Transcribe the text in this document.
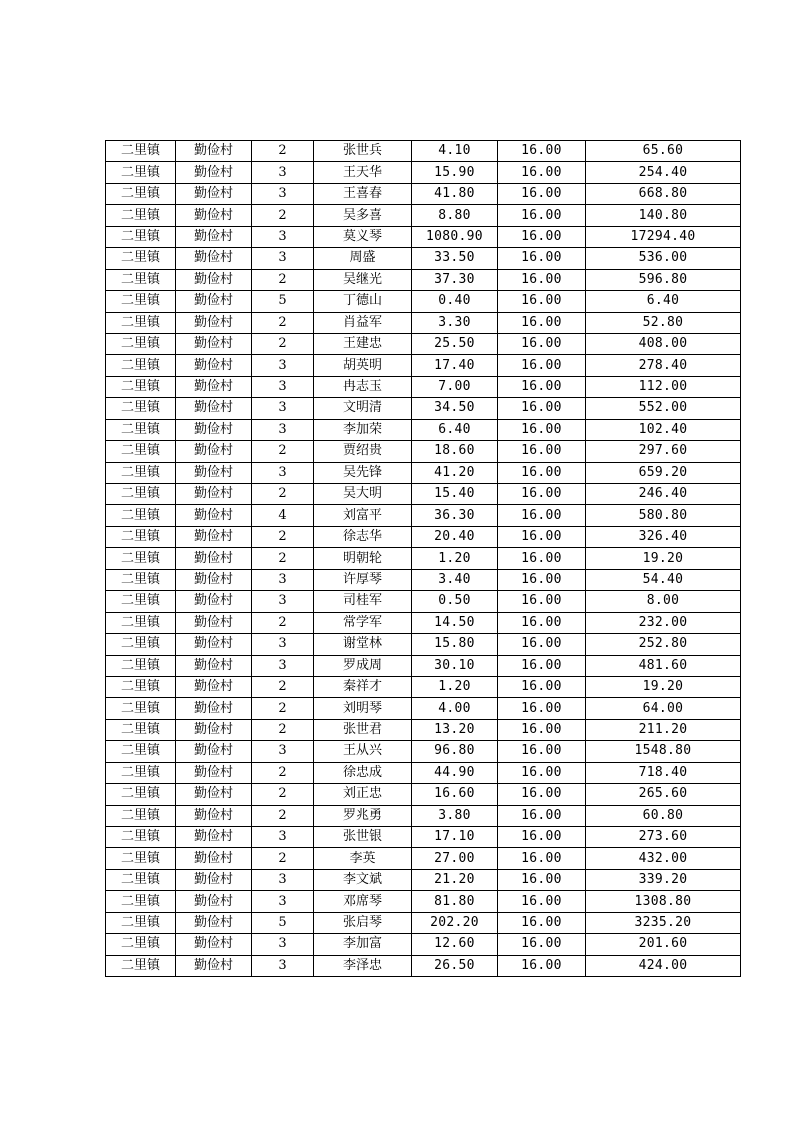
二里镇	勤俭村	2	张世兵	4.10	16.00	65.60
二里镇	勤俭村	3	王天华	15.90	16.00	254.40
二里镇	勤俭村	3	王喜春	41.80	16.00	668.80
二里镇	勤俭村	2	吴多喜	8.80	16.00	140.80
二里镇	勤俭村	3	莫义琴	1080.90	16.00	17294.40
二里镇	勤俭村	3	周盛	33.50	16.00	536.00
二里镇	勤俭村	2	吴继光	37.30	16.00	596.80
二里镇	勤俭村	5	丁德山	0.40	16.00	6.40
二里镇	勤俭村	2	肖益军	3.30	16.00	52.80
二里镇	勤俭村	2	王建忠	25.50	16.00	408.00
二里镇	勤俭村	3	胡英明	17.40	16.00	278.40
二里镇	勤俭村	3	冉志玉	7.00	16.00	112.00
二里镇	勤俭村	3	文明清	34.50	16.00	552.00
二里镇	勤俭村	3	李加荣	6.40	16.00	102.40
二里镇	勤俭村	2	贾绍贵	18.60	16.00	297.60
二里镇	勤俭村	3	吴先锋	41.20	16.00	659.20
二里镇	勤俭村	2	吴大明	15.40	16.00	246.40
二里镇	勤俭村	4	刘富平	36.30	16.00	580.80
二里镇	勤俭村	2	徐志华	20.40	16.00	326.40
二里镇	勤俭村	2	明朝轮	1.20	16.00	19.20
二里镇	勤俭村	3	许厚琴	3.40	16.00	54.40
二里镇	勤俭村	3	司桂军	0.50	16.00	8.00
二里镇	勤俭村	2	常学军	14.50	16.00	232.00
二里镇	勤俭村	3	谢堂林	15.80	16.00	252.80
二里镇	勤俭村	3	罗成周	30.10	16.00	481.60
二里镇	勤俭村	2	秦祥才	1.20	16.00	19.20
二里镇	勤俭村	2	刘明琴	4.00	16.00	64.00
二里镇	勤俭村	2	张世君	13.20	16.00	211.20
二里镇	勤俭村	3	王从兴	96.80	16.00	1548.80
二里镇	勤俭村	2	徐忠成	44.90	16.00	718.40
二里镇	勤俭村	2	刘正忠	16.60	16.00	265.60
二里镇	勤俭村	2	罗兆勇	3.80	16.00	60.80
二里镇	勤俭村	3	张世银	17.10	16.00	273.60
二里镇	勤俭村	2	李英	27.00	16.00	432.00
二里镇	勤俭村	3	李文斌	21.20	16.00	339.20
二里镇	勤俭村	3	邓席琴	81.80	16.00	1308.80
二里镇	勤俭村	5	张启琴	202.20	16.00	3235.20
二里镇	勤俭村	3	李加富	12.60	16.00	201.60
二里镇	勤俭村	3	李泽忠	26.50	16.00	424.00
